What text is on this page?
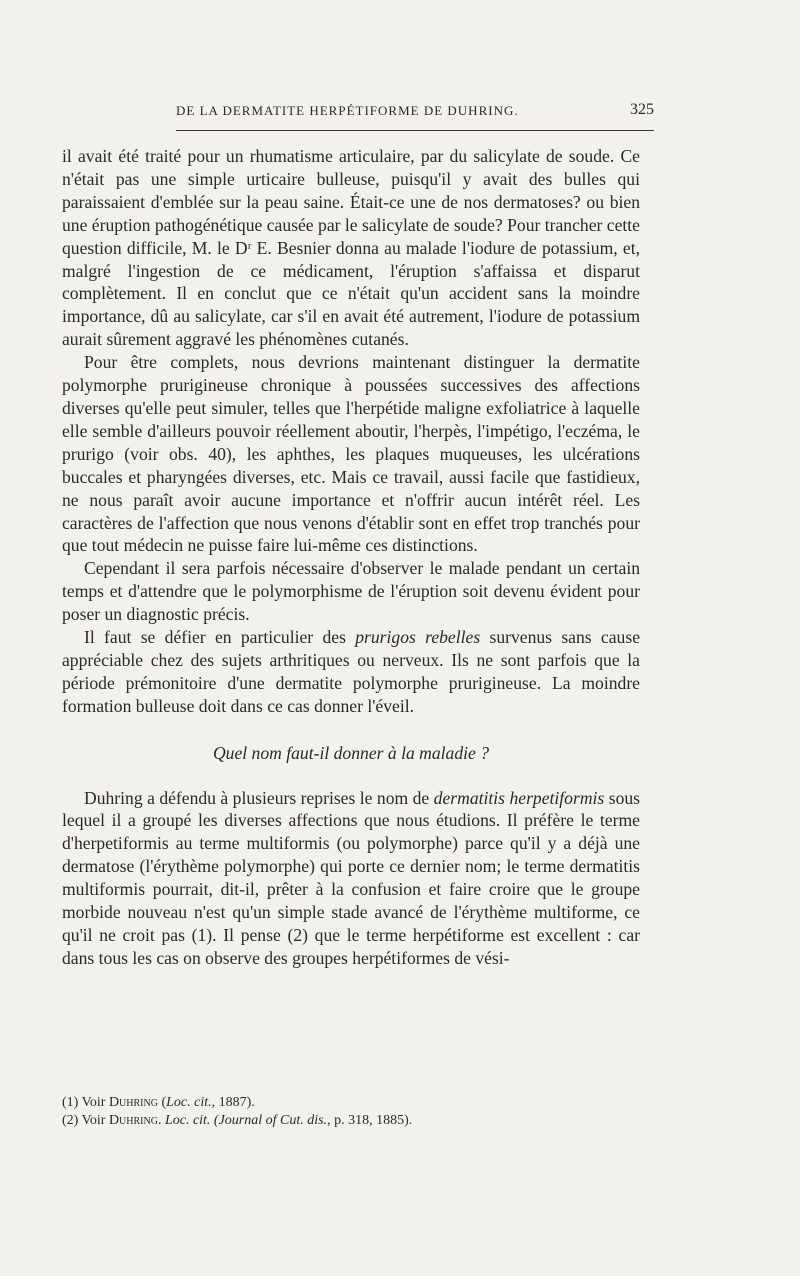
DE LA DERMATITE HERPÉTIFORME DE DUHRING.	325

il avait été traité pour un rhumatisme articulaire, par du salicylate de soude. Ce n'était pas une simple urticaire bulleuse, puisqu'il y avait des bulles qui paraissaient d'emblée sur la peau saine. Était-ce une de nos dermatoses? ou bien une éruption pathogénétique causée par le salicylate de soude? Pour trancher cette question difficile, M. le Dʳ E. Besnier donna au malade l'iodure de potassium, et, malgré l'ingestion de ce médicament, l'éruption s'affaissa et disparut complètement. Il en conclut que ce n'était qu'un accident sans la moindre importance, dû au salicylate, car s'il en avait été autrement, l'iodure de potassium aurait sûrement aggravé les phénomènes cutanés.

Pour être complets, nous devrions maintenant distinguer la dermatite polymorphe prurigineuse chronique à poussées successives des affections diverses qu'elle peut simuler, telles que l'herpétide maligne exfoliatrice à laquelle elle semble d'ailleurs pouvoir réellement aboutir, l'herpès, l'impétigo, l'eczéma, le prurigo (voir obs. 40), les aphthes, les plaques muqueuses, les ulcérations buccales et pharyngées diverses, etc. Mais ce travail, aussi facile que fastidieux, ne nous paraît avoir aucune importance et n'offrir aucun intérêt réel. Les caractères de l'affection que nous venons d'établir sont en effet trop tranchés pour que tout médecin ne puisse faire lui-même ces distinctions.

Cependant il sera parfois nécessaire d'observer le malade pendant un certain temps et d'attendre que le polymorphisme de l'éruption soit devenu évident pour poser un diagnostic précis.

Il faut se défier en particulier des prurigos rebelles survenus sans cause appréciable chez des sujets arthritiques ou nerveux. Ils ne sont parfois que la période prémonitoire d'une dermatite polymorphe prurigineuse. La moindre formation bulleuse doit dans ce cas donner l'éveil.

Quel nom faut-il donner à la maladie ?

Duhring a défendu à plusieurs reprises le nom de dermatitis herpetiformis sous lequel il a groupé les diverses affections que nous étudions. Il préfère le terme d'herpetiformis au terme multiformis (ou polymorphe) parce qu'il y a déjà une dermatose (l'érythème polymorphe) qui porte ce dernier nom; le terme dermatitis multiformis pourrait, dit-il, prêter à la confusion et faire croire que le groupe morbide nouveau n'est qu'un simple stade avancé de l'érythème multiforme, ce qu'il ne croit pas (1). Il pense (2) que le terme herpétiforme est excellent : car dans tous les cas on observe des groupes herpétiformes de vési-

(1) Voir Duhring (Loc. cit., 1887).
(2) Voir Duhring. Loc. cit. (Journal of Cut. dis., p. 318, 1885).
